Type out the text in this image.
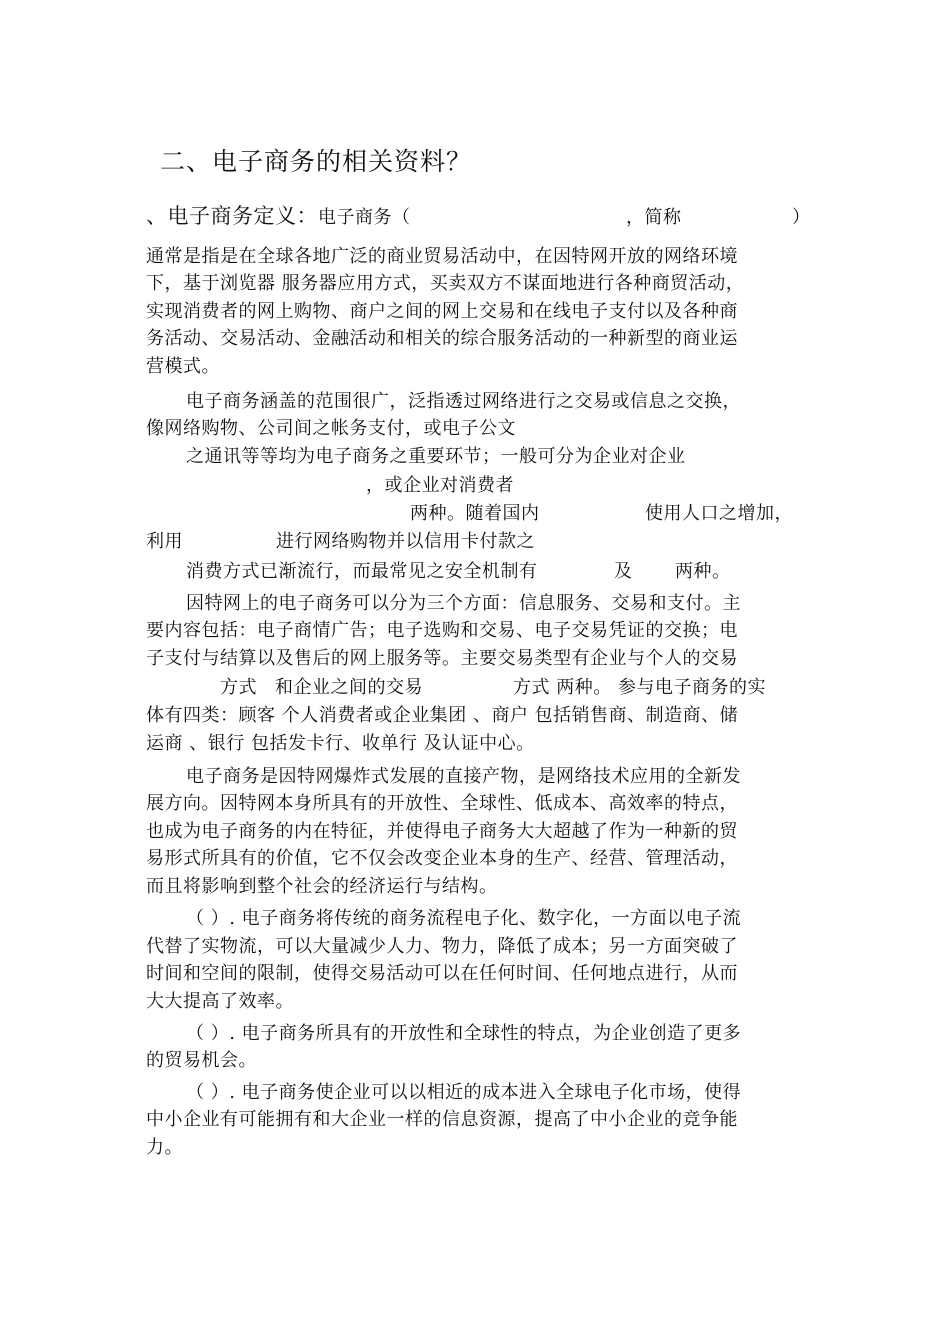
二、电子商务的相关资料？
、电子商务定义：电子商务（	，简称	）
通常是指是在全球各地广泛的商业贸易活动中，在因特网开放的网络环境
下，基于浏览器 服务器应用方式，买卖双方不谋面地进行各种商贸活动，
实现消费者的网上购物、商户之间的网上交易和在线电子支付以及各种商
务活动、交易活动、金融活动和相关的综合服务活动的一种新型的商业运
营模式。
电子商务涵盖的范围很广，泛指透过网络进行之交易或信息之交换，
像网络购物、公司间之帐务支付，或电子公文
之通讯等等均为电子商务之重要环节；一般可分为企业对企业
，或企业对消费者
两种。随着国内	使用人口之增加，
利用	进行网络购物并以信用卡付款之
消费方式已渐流行，而最常见之安全机制有	及 两种。
因特网上的电子商务可以分为三个方面：信息服务、交易和支付。主
要内容包括：电子商情广告；电子选购和交易、电子交易凭证的交换；电
子支付与结算以及售后的网上服务等。主要交易类型有企业与个人的交易
方式 和企业之间的交易	方式 两种。 参与电子商务的实
体有四类：顾客 个人消费者或企业集团 、商户 包括销售商、制造商、储
运商 、银行 包括发卡行、收单行 及认证中心。
电子商务是因特网爆炸式发展的直接产物，是网络技术应用的全新发
展方向。因特网本身所具有的开放性、全球性、低成本、高效率的特点，
也成为电子商务的内在特征，并使得电子商务大大超越了作为一种新的贸
易形式所具有的价值，它不仅会改变企业本身的生产、经营、管理活动，
而且将影响到整个社会的经济运行与结构。
（ ）. 电子商务将传统的商务流程电子化、数字化，一方面以电子流
代替了实物流，可以大量减少人力、物力，降低了成本；另一方面突破了
时间和空间的限制，使得交易活动可以在任何时间、任何地点进行，从而
大大提高了效率。
（ ）. 电子商务所具有的开放性和全球性的特点，为企业创造了更多
的贸易机会。
（ ）. 电子商务使企业可以以相近的成本进入全球电子化市场，使得
中小企业有可能拥有和大企业一样的信息资源，提高了中小企业的竞争能
力。
